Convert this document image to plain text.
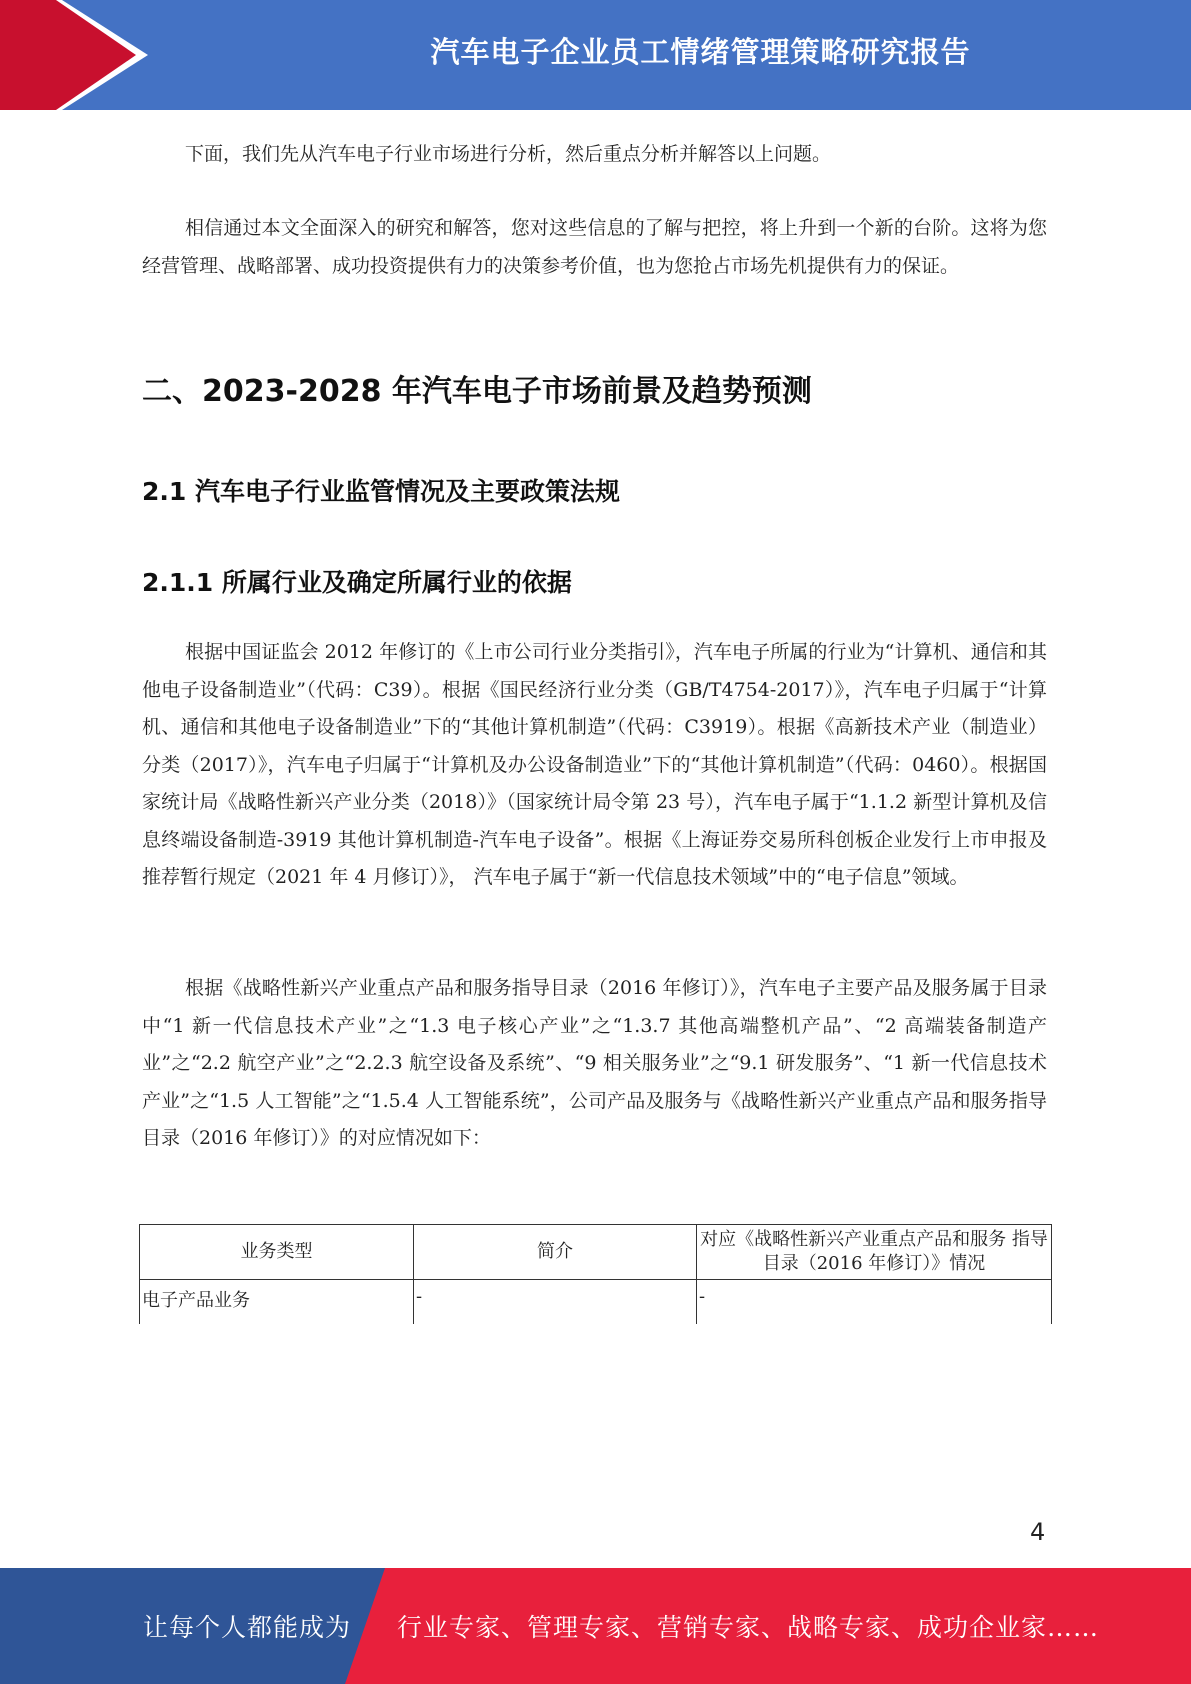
汽车电子企业员工情绪管理策略研究报告

下面，我们先从汽车电子行业市场进行分析，然后重点分析并解答以上问题。

相信通过本文全面深入的研究和解答，您对这些信息的了解与把控，将上升到一个新的台阶。这将为您经营管理、战略部署、成功投资提供有力的决策参考价值，也为您抢占市场先机提供有力的保证。

二、2023-2028 年汽车电子市场前景及趋势预测
2.1 汽车电子行业监管情况及主要政策法规
2.1.1 所属行业及确定所属行业的依据

根据中国证监会 2012 年修订的《上市公司行业分类指引》，汽车电子所属的行业为“计算机、通信和其他电子设备制造业”（代码：C39）。根据《国民经济行业分类（GB/T4754-2017）》，汽车电子归属于“计算机、通信和其他电子设备制造业”下的“其他计算机制造”（代码：C3919）。根据《高新技术产业（制造业）分类（2017）》，汽车电子归属于“计算机及办公设备制造业”下的“其他计算机制造”（代码：0460）。根据国家统计局《战略性新兴产业分类（2018）》（国家统计局令第 23 号），汽车电子属于“1.1.2 新型计算机及信息终端设备制造-3919 其他计算机制造-汽车电子设备”。根据《上海证券交易所科创板企业发行上市申报及推荐暂行规定（2021 年 4 月修订）》， 汽车电子属于“新一代信息技术领域”中的“电子信息”领域。

根据《战略性新兴产业重点产品和服务指导目录（2016 年修订）》，汽车电子主要产品及服务属于目录中“1 新一代信息技术产业”之“1.3 电子核心产业”之“1.3.7 其他高端整机产品”、“2 高端装备制造产业”之“2.2 航空产业”之“2.2.3 航空设备及系统”、“9 相关服务业”之“9.1 研发服务”、“1 新一代信息技术产业”之“1.5 人工智能”之“1.5.4 人工智能系统”，公司产品及服务与《战略性新兴产业重点产品和服务指导目录（2016 年修订）》的对应情况如下：

业务类型	简介	对应《战略性新兴产业重点产品和服务 指导目录（2016 年修订）》情况
电子产品业务	-	-
4
让每个人都能成为 行业专家、管理专家、营销专家、战略专家、成功企业家……
